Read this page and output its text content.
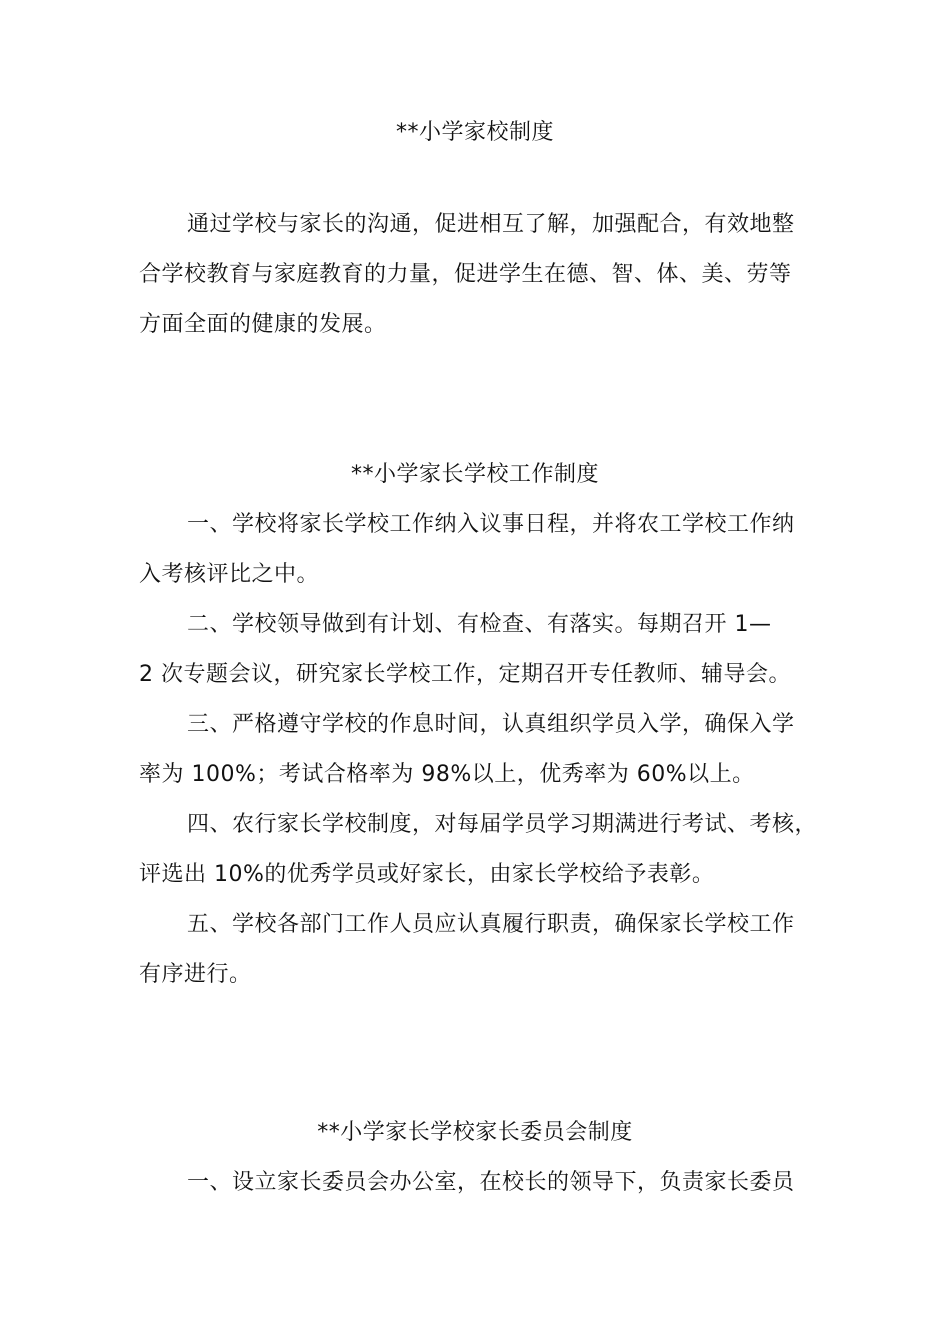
**小学家校制度
通过学校与家长的沟通，促进相互了解，加强配合，有效地整
合学校教育与家庭教育的力量，促进学生在德、智、体、美、劳等
方面全面的健康的发展。
**小学家长学校工作制度
一、学校将家长学校工作纳入议事日程，并将农工学校工作纳
入考核评比之中。
二、学校领导做到有计划、有检查、有落实。每期召开 1—
2 次专题会议，研究家长学校工作，定期召开专任教师、辅导会。
三、严格遵守学校的作息时间，认真组织学员入学，确保入学
率为 100%；考试合格率为 98%以上，优秀率为 60%以上。
四、农行家长学校制度，对每届学员学习期满进行考试、考核，
评选出 10%的优秀学员或好家长，由家长学校给予表彰。
五、学校各部门工作人员应认真履行职责，确保家长学校工作
有序进行。
**小学家长学校家长委员会制度
一、设立家长委员会办公室，在校长的领导下，负责家长委员
